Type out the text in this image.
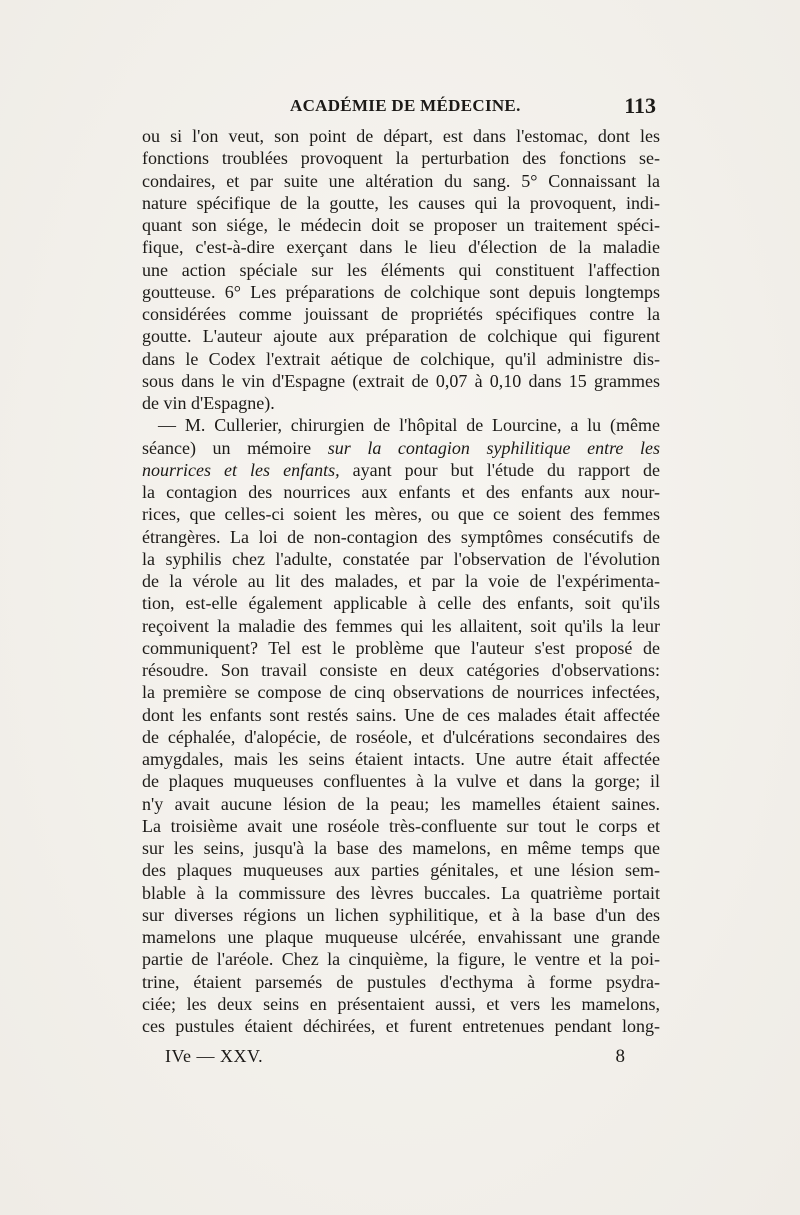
ACADÉMIE DE MÉDECINE.	113
ou si l'on veut, son point de départ, est dans l'estomac, dont les
fonctions troublées provoquent la perturbation des fonctions se-
condaires, et par suite une altération du sang. 5° Connaissant la
nature spécifique de la goutte, les causes qui la provoquent, indi-
quant son siége, le médecin doit se proposer un traitement spéci-
fique, c'est-à-dire exerçant dans le lieu d'élection de la maladie
une action spéciale sur les éléments qui constituent l'affection
goutteuse. 6° Les préparations de colchique sont depuis longtemps
considérées comme jouissant de propriétés spécifiques contre la
goutte. L'auteur ajoute aux préparation de colchique qui figurent
dans le Codex l'extrait aétique de colchique, qu'il administre dis-
sous dans le vin d'Espagne (extrait de 0,07 à 0,10 dans 15 grammes
de vin d'Espagne).
— M. Cullerier, chirurgien de l'hôpital de Lourcine, a lu (même
séance) un mémoire sur la contagion syphilitique entre les
nourrices et les enfants, ayant pour but l'étude du rapport de
la contagion des nourrices aux enfants et des enfants aux nour-
rices, que celles-ci soient les mères, ou que ce soient des femmes
étrangères. La loi de non-contagion des symptômes consécutifs de
la syphilis chez l'adulte, constatée par l'observation de l'évolution
de la vérole au lit des malades, et par la voie de l'expérimenta-
tion, est-elle également applicable à celle des enfants, soit qu'ils
reçoivent la maladie des femmes qui les allaitent, soit qu'ils la leur
communiquent? Tel est le problème que l'auteur s'est proposé de
résoudre. Son travail consiste en deux catégories d'observations:
la première se compose de cinq observations de nourrices infectées,
dont les enfants sont restés sains. Une de ces malades était affectée
de céphalée, d'alopécie, de roséole, et d'ulcérations secondaires des
amygdales, mais les seins étaient intacts. Une autre était affectée
de plaques muqueuses confluentes à la vulve et dans la gorge; il
n'y avait aucune lésion de la peau; les mamelles étaient saines.
La troisième avait une roséole très-confluente sur tout le corps et
sur les seins, jusqu'à la base des mamelons, en même temps que
des plaques muqueuses aux parties génitales, et une lésion sem-
blable à la commissure des lèvres buccales. La quatrième portait
sur diverses régions un lichen syphilitique, et à la base d'un des
mamelons une plaque muqueuse ulcérée, envahissant une grande
partie de l'aréole. Chez la cinquième, la figure, le ventre et la poi-
trine, étaient parsemés de pustules d'ecthyma à forme psydra-
ciée; les deux seins en présentaient aussi, et vers les mamelons,
ces pustules étaient déchirées, et furent entretenues pendant long-
IVe — XXV.	8
